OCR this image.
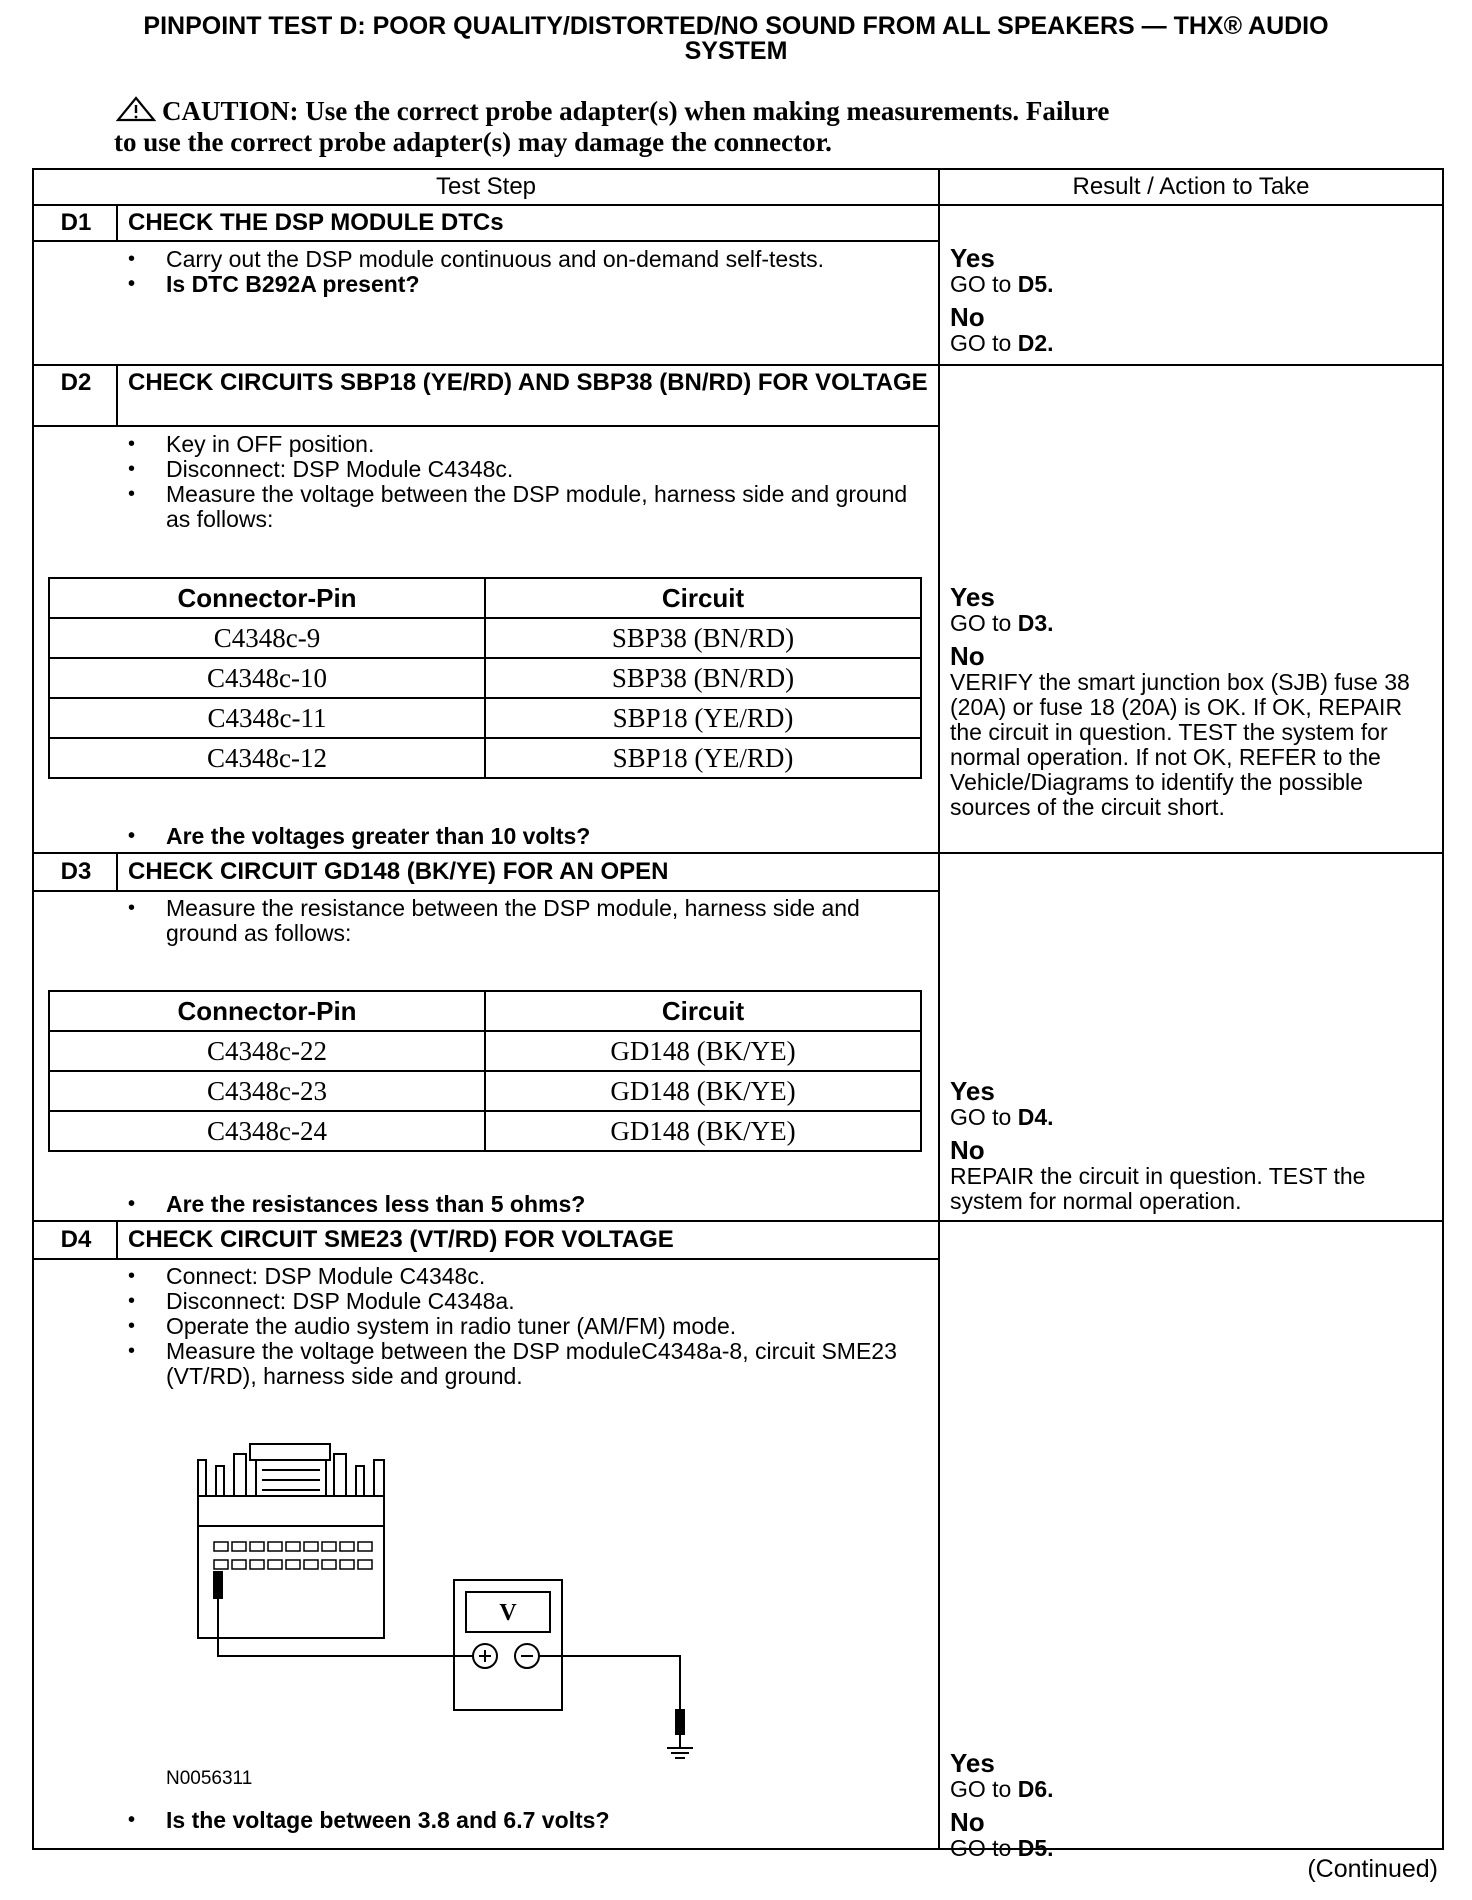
PINPOINT TEST D: POOR QUALITY/DISTORTED/NO SOUND FROM ALL SPEAKERS — THX® AUDIO
SYSTEM
CAUTION: Use the correct probe adapter(s) when making measurements. Failure
to use the correct probe adapter(s) may damage the connector.
Test Step	Result / Action to Take
D1	CHECK THE DSP MODULE DTCs
• Carry out the DSP module continuous and on-demand self-tests.
• Is DTC B292A present?
Yes
GO to D5.
No
GO to D2.
D2	CHECK CIRCUITS SBP18 (YE/RD) AND SBP38 (BN/RD) FOR VOLTAGE
• Key in OFF position.
• Disconnect: DSP Module C4348c.
• Measure the voltage between the DSP module, harness side and ground as follows:
Connector-Pin	Circuit
C4348c-9	SBP38 (BN/RD)
C4348c-10	SBP38 (BN/RD)
C4348c-11	SBP18 (YE/RD)
C4348c-12	SBP18 (YE/RD)
• Are the voltages greater than 10 volts?
Yes
GO to D3.
No
VERIFY the smart junction box (SJB) fuse 38 (20A) or fuse 18 (20A) is OK. If OK, REPAIR the circuit in question. TEST the system for normal operation. If not OK, REFER to the Vehicle/Diagrams to identify the possible sources of the circuit short.
D3	CHECK CIRCUIT GD148 (BK/YE) FOR AN OPEN
• Measure the resistance between the DSP module, harness side and ground as follows:
Connector-Pin	Circuit
C4348c-22	GD148 (BK/YE)
C4348c-23	GD148 (BK/YE)
C4348c-24	GD148 (BK/YE)
• Are the resistances less than 5 ohms?
Yes
GO to D4.
No
REPAIR the circuit in question. TEST the system for normal operation.
D4	CHECK CIRCUIT SME23 (VT/RD) FOR VOLTAGE
• Connect: DSP Module C4348c.
• Disconnect: DSP Module C4348a.
• Operate the audio system in radio tuner (AM/FM) mode.
• Measure the voltage between the DSP moduleC4348a-8, circuit SME23 (VT/RD), harness side and ground.
V
N0056311
• Is the voltage between 3.8 and 6.7 volts?
Yes
GO to D6.
No
GO to D5.
(Continued)
